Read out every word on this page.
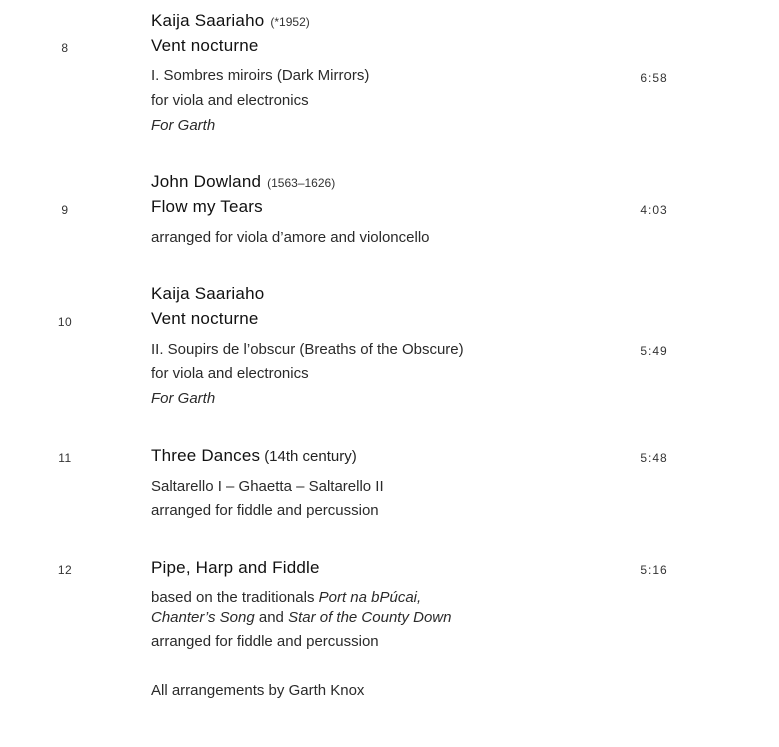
Kaija Saariaho (*1952)
8	Vent nocturne
I. Sombres miroirs (Dark Mirrors)	6:58
for viola and electronics
For Garth
John Dowland (1563–1626)
9	Flow my Tears	4:03
arranged for viola d’amore and violoncello
Kaija Saariaho
10	Vent nocturne
II. Soupirs de l’obscur (Breaths of the Obscure)	5:49
for viola and electronics
For Garth
11	Three Dances (14th century)	5:48
Saltarello I – Ghaetta – Saltarello II
arranged for fiddle and percussion
12	Pipe, Harp and Fiddle	5:16
based on the traditionals Port na bPúcai,
Chanter’s Song and Star of the County Down
arranged for fiddle and percussion
All arrangements by Garth Knox
